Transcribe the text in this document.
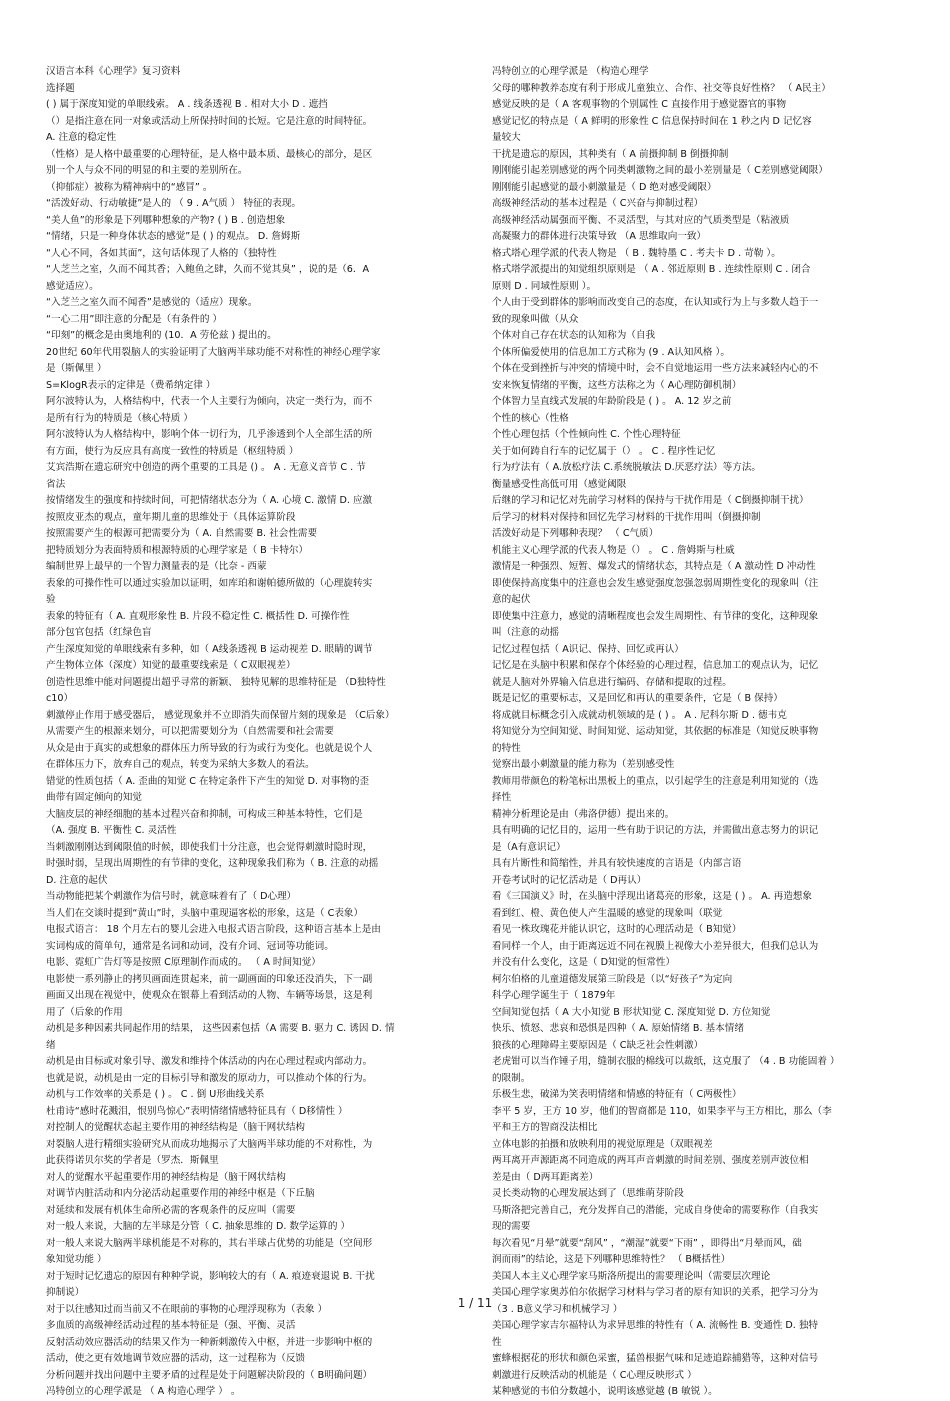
汉语言本科《心理学》复习资料
选择题
( ) 属于深度知觉的单眼线索。 A . 线条透视 B . 相对大小 D . 遮挡
（）是指注意在同一对象或活动上所保持时间的长短。它是注意的时间特征。
A. 注意的稳定性
（性格）是人格中最重要的心理特征，是人格中最本质、最核心的部分，是区
别一个人与众不同的明显的和主要的差别所在。
（抑郁症）被称为精神病中的“感冒” 。
“活泼好动、行动敏捷”是人的 （ 9 . A气质 ） 特征的表现。
“美人鱼”的形象是下列哪种想象的产物? ( ) B . 创造想象
“情绪，只是一种身体状态的感觉”是 ( ) 的观点。 D. 詹姆斯
“人心不同，各如其面”，这句话体现了人格的（独特性
“人芝兰之室，久而不闻其香；入鲍鱼之肆，久而不觉其臭” ，说的是（6．A
感觉适应）。
“入芝兰之室久而不闻香”是感觉的（适应）现象。
“一心二用”即注意的分配是（有条件的 ）
“印刻”的概念是由奥地利的 (10．A 劳伦兹 ) 提出的。
20世纪 60年代用裂脑人的实验证明了大脑两半球功能不对称性的神经心理学家
是（斯佩里 ）
S=KlogR表示的定律是（费希纳定律 ）
阿尔波特认为，人格结构中，代表一个人主要行为倾向，决定一类行为，而不
是所有行为的特质是（核心特质 ）
阿尔波特认为人格结构中，影响个体一切行为，几乎渗透到个人全部生活的所
有方面，使行为反应具有高度一致性的特质是（枢纽特质 ）
艾宾浩斯在遗忘研究中创造的两个重要的工具是 () 。 A . 无意义音节 C . 节
省法
按情绪发生的强度和持续时间，可把情绪状态分为（ A. 心境 C. 激情 D. 应激
按照皮亚杰的观点，童年期儿童的思维处于（具体运算阶段
按照需要产生的根源可把需要分为（ A. 自然需要 B. 社会性需要
把特质划分为表面特质和根源特质的心理学家是（ B 卡特尔）
编制世界上最早的一个智力测量表的是（比奈 - 西蒙
表象的可操作性可以通过实验加以证明，如库珀和谢帕德所做的（心理旋转实
验
表象的特征有（ A. 直观形象性 B. 片段不稳定性 C. 概括性 D. 可操作性
部分包官包括（红绿色盲
产生深度知觉的单眼线索有多种，如（ A线条透视 B 运动视差 D. 眼睛的调节
产生物体立体（深度）知觉的最重要线索是（ C双眼视差）
创造性思维中能对问题提出超乎寻常的新颖、 独特见解的思维特征是 （D独特性
c10）
刺激停止作用于感受器后， 感觉现象并不立即消失而保留片刻的现象是 （C后象）
从需要产生的根源来划分，可以把需要划分为（自然需要和社会需要
从众是由于真实的或想象的群体压力所导致的行为或行为变化。也就是说个人
在群体压力下，放弃自己的观点，转变为采纳大多数人的看法。
错觉的性质包括（ A. 歪曲的知觉 C 在特定条件下产生的知觉 D. 对事物的歪
曲带有固定倾向的知觉
大脑皮层的神经细胞的基本过程兴奋和抑制，可构成三种基本特性，它们是
（A. 强度 B. 平衡性 C. 灵活性
当刺激刚刚达到阈限值的时候，即使我们十分注意，也会觉得刺激时隐时现，
时强时弱，呈现出周期性的有节律的变化，这种现象我们称为（ B. 注意的动摇
D. 注意的起伏
当动物能把某个刺激作为信号时，就意味着有了（ D心理）
当人们在交谈时提到“黄山”时，头脑中重现逼客松的形象，这是（ C表象）
电报式语言： 18 个月左右的婴儿会进入电报式语言阶段，这种语言基本上是由
实词构成的简单句，通常是名词和动词，没有介词、冠词等功能词。
电影、霓虹广告灯等是按照 C原理制作而成的。 （ A 时间知觉）
电影使一系列静止的拷贝画面连贯起来，前一副画面的印象还没消失，下一副
画面又出现在视觉中，使观众在银幕上看到活动的人物、车辆等场景，这是利
用了（后象的作用
动机是多种因素共同起作用的结果， 这些因素包括（A 需要 B. 驱力 C. 诱因 D. 情
绪
动机是由目标或对象引导、激发和维持个体活动的内在心理过程或内部动力。
也就是说，动机是由一定的目标引导和激发的原动力，可以推动个体的行为。
动机与工作效率的关系是 ( ) 。 C . 倒 U形曲线关系
杜甫诗“感时花溅泪，恨别鸟惊心”表明情绪情感特征具有（ D移情性 ）
对控制人的觉醒状态起主要作用的神经结构是（脑干网状结构
对裂脑人进行精细实验研究从而成功地揭示了大脑两半球功能的不对称性，为
此获得诺贝尔奖的学者是（罗杰．斯佩里
对人的觉醒水平起重要作用的神经结构是（脑干网状结构
对调节内脏活动和内分泌活动起重要作用的神经中枢是（下丘脑
对延续和发展有机体生命所必需的客观条件的反应叫（需要
对一般人来说，大脑的左半球是分管（ C. 抽象思维的 D. 数学运算的 ）
对一般人来说大脑两半球机能是不对称的，其右半球占优势的功能是（空间形
象知觉功能 ）
对于短时记忆遗忘的原因有种种学说，影响较大的有（ A. 痕迹衰退说 B. 干扰
抑制说）
对于以往感知过而当前又不在眼前的事物的心理浮现称为（表象 ）
多血质的高级神经活动过程的基本特征是（强、平衡、灵活
反射活动效应器活动的结果又作为一种新刺激传入中枢，并进一步影响中枢的
活动，使之更有效地调节效应器的活动，这一过程称为（反馈
分析问题并找出问题中主要矛盾的过程是处于问题解决阶段的（ B明确问题）
冯特创立的心理学派是 （ A 构造心理学 ） 。
冯特创立的心理学派是 （构造心理学
父母的哪种教养态度有利于形成儿童独立、合作、社交等良好性格？ （ A民主）
感觉反映的是（ A 客观事物的个别属性 C 直接作用于感觉器官的事物
感觉记忆的特点是（ A 鲜明的形象性 C 信息保持时间在 1 秒之内 D 记忆容
量较大
干扰是遗忘的原因，其种类有（ A 前摄抑制 B 倒摄抑制
刚刚能引起差别感觉的两个同类刺激物之间的最小差别量是（ C差别感觉阈限）
刚刚能引起感觉的最小刺激量是（ D 绝对感受阈限）
高级神经活动的基本过程是（ C兴奋与抑制过程）
高级神经活动属强而平衡、不灵活型，与其对应的气质类型是（粘液质
高凝聚力的群体进行决策导致 （A 思维取向一致）
格式塔心理学派的代表人物是 （ B . 魏特墨 C . 考夫卡 D . 苛勒 ）。
格式塔学派提出的知觉组织原则是 （ A . 邻近原则 B . 连续性原则 C . 闭合
原则 D . 同域性原则 ）。
个人由于受到群体的影响而改变自己的态度，在认知或行为上与多数人趋于一
致的现象叫做（从众
个体对自己存在状态的认知称为（自我
个体所偏爱使用的信息加工方式称为 (9 . A认知风格 ）。
个体在受到挫折与冲突的情境中时，会不自觉地运用一些方法来减轻内心的不
安来恢复情绪的平衡，这些方法称之为（ A心理防御机制）
个体智力呈直线式发展的年龄阶段是 ( ) 。 A. 12 岁之前
个性的核心（性格
个性心理包括（个性倾向性 C. 个性心理特征
关于如何踌自行车的记忆属于（） 。 C . 程序性记忆
行为疗法有（ A.放松疗法 C.系统脱敏法 D.厌恶疗法）等方法。
衡量感受性高低可用（感觉阈限
后继的学习和记忆对先前学习材料的保持与干扰作用是（ C倒摄抑制干扰）
后学习的材料对保持和回忆先学习材料的干扰作用叫（倒摄抑制
活泼好动是下列哪种表现？ （ C气质）
机能主义心理学派的代表人物是（） 。 C . 詹姆斯与杜威
激情是一种强烈、短暂、爆发式的情绪状态，其特点是（ A 激动性 D 冲动性
即使保持高度集中的注意也会发生感觉强度忽强忽弱周期性变化的现象叫（注
意的起伏
即使集中注意力，感觉的清晰程度也会发生周期性、有节律的变化，这种现象
叫（注意的动摇
记忆过程包括（ A识记、保持、回忆或再认）
记忆是在头脑中积累和保存个体经验的心理过程，信息加工的观点认为，记忆
就是人脑对外界输入信息进行编码、存储和提取的过程。
既是记忆的重要标志，又是回忆和再认的重要条件，它是（ B 保持）
将成就目标概念引入成就动机领域的是 ( ) 。 A . 尼科尔斯 D . 德韦克
将知觉分为空间知觉、时间知觉、运动知觉，其依据的标准是（知觉反映事物
的特性
觉察出最小刺激量的能力称为（差别感受性
教师用带颜色的粉笔标出黑板上的重点，以引起学生的注意是利用知觉的（选
择性
精神分析理论是由（弗洛伊德）提出来的。
具有明确的记忆目的，运用一些有助于识记的方法，并需做出意志努力的识记
是（A有意识记）
具有片断性和简缩性，并具有较快速度的言语是（内部言语
开卷考试时的记忆活动是（ D再认）
看《三国演义》时，在头脑中浮现出诸葛亮的形象，这是 ( ) 。 A. 再造想象
看到红、橙、黄色使人产生温暖的感觉的现象叫（联觉
看见一株玫瑰花并能认识它，这时的心理活动是（ B知觉）
看同样一个人，由于距离远近不同在视膜上视像大小差异很大，但我们总认为
并没有什么变化，这是（ D知觉的恒常性）
柯尔伯格的儿童道德发展第三阶段是（以“好孩子”为定向
科学心理学诞生于（ 1879年
空间知觉包括（ A 大小知觉 B 形状知觉 C. 深度知觉 D. 方位知觉
快乐、愤怒、悲哀和恐惧是四种（ A. 原始情绪 B. 基本情绪
狼孩的心理障碍主要原因是（ C缺乏社会性刺激）
老虎钳可以当作锤子用，缝制衣服的棉线可以裁纸，这克服了 （4 . B 功能固着 ）
的限制。
乐极生悲，破涕为笑表明情绪和情感的特征有（ C两极性）
李平 5 岁，王方 10 岁，他们的智商都是 110，如果李平与王方相比，那么（李
平和王方的智商没法相比
立体电影的拍摄和放映利用的视觉原理是（双眼视差
两耳离开声源距离不同造成的两耳声音刺激的时间差别、强度差别声波位相
差是由（ D两耳距离差）
灵长类动物的心理发展达到了（思维萌芽阶段
马斯洛把完善自己，充分发挥自己的潜能，完成自身使命的需要称作（自我实
现的需要
每次看见“月晕”就要“刮风” ，“潮湿”就要“下雨” ，即得出“月晕而风，础
润而雨”的结论，这是下列哪种思维特性？ （ B概括性）
美国人本主义心理学家马斯洛所提出的需要理论叫（需要层次理论
美国心理学家奥苏伯尔依据学习材料与学习者的原有知识的关系，把学习分为
（3 . B意义学习和机械学习 ）
美国心理学家吉尔福特认为求异思维的特性有（ A. 流畅性 B. 变通性 D. 独特
性
蜜蜂根据花的形状和颜色采蜜，猛兽根据气味和足迹追踪捕猎等，这种对信号
刺激进行反映活动的机能是（ C心理反映形式 ）
某种感觉的韦伯分数越小，说明该感觉越 (B 敏锐 ）。
1 / 11
